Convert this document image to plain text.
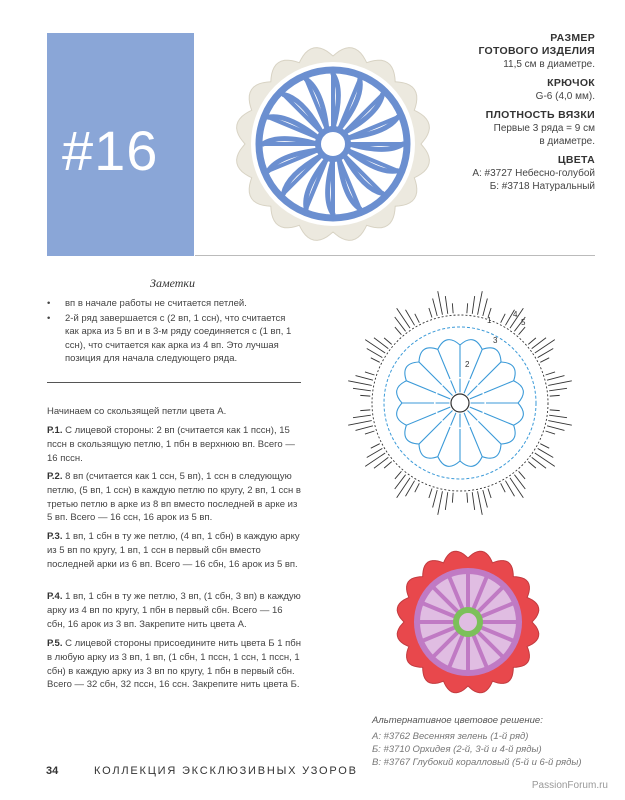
#16
РАЗМЕР
ГОТОВОГО ИЗДЕЛИЯ
11,5 см в диаметре.
КРЮЧОК
G-6 (4,0 мм).
ПЛОТНОСТЬ ВЯЗКИ
Первые 3 ряда = 9 см
в диаметре.
ЦВЕТА
А: #3727 Небесно-голубой
Б: #3718 Натуральный
Заметки
• вп в начале работы не считается петлей.
• 2-й ряд завершается с (2 вп, 1 ссн), что считается как арка из 5 вп и в 3-м ряду соединяется с (1 вп, 1 ссн), что считается как арка из 4 вп. Это лучшая позиция для начала следующего ряда.
Начинаем со скользящей петли цвета А.
Р.1. С лицевой стороны: 2 вп (считается как 1 пссн), 15 пссн в скользящую петлю, 1 пбн в верхнюю вп. Всего — 16 пссн.
Р.2. 8 вп (считается как 1 ссн, 5 вп), 1 ссн в следующую петлю, (5 вп, 1 ссн) в каждую петлю по кругу, 2 вп, 1 ссн в третью петлю в арке из 8 вп вместо последней в арке из 5 вп. Всего — 16 ссн, 16 арок из 5 вп.
Р.3. 1 вп, 1 сбн в ту же петлю, (4 вп, 1 сбн) в каждую арку из 5 вп по кругу, 1 вп, 1 ссн в первый сбн вместо последней арки из 6 вп. Всего — 16 сбн, 16 арок из 5 вп.
Р.4. 1 вп, 1 сбн в ту же петлю, 3 вп, (1 сбн, 3 вп) в каждую арку из 4 вп по кругу, 1 пбн в первый сбн. Всего — 16 сбн, 16 арок из 3 вп. Закрепите нить цвета А.
Р.5. С лицевой стороны присоедините нить цвета Б 1 пбн в любую арку из 3 вп, 1 вп, (1 сбн, 1 пссн, 1 ссн, 1 пссн, 1 сбн) в каждую арку из 3 вп по кругу, 1 пбн в первый сбн. Всего — 32 сбн, 32 пссн, 16 ссн. Закрепите нить цвета Б.
1
2
3
4
5
Альтернативное цветовое решение:
А: #3762 Весенняя зелень (1-й ряд)
Б: #3710 Орхидея (2-й, 3-й и 4-й ряды)
В: #3767 Глубокий коралловый (5-й и 6-й ряды)
34	КОЛЛЕКЦИЯ ЭКСКЛЮЗИВНЫХ УЗОРОВ
PassionForum.ru
